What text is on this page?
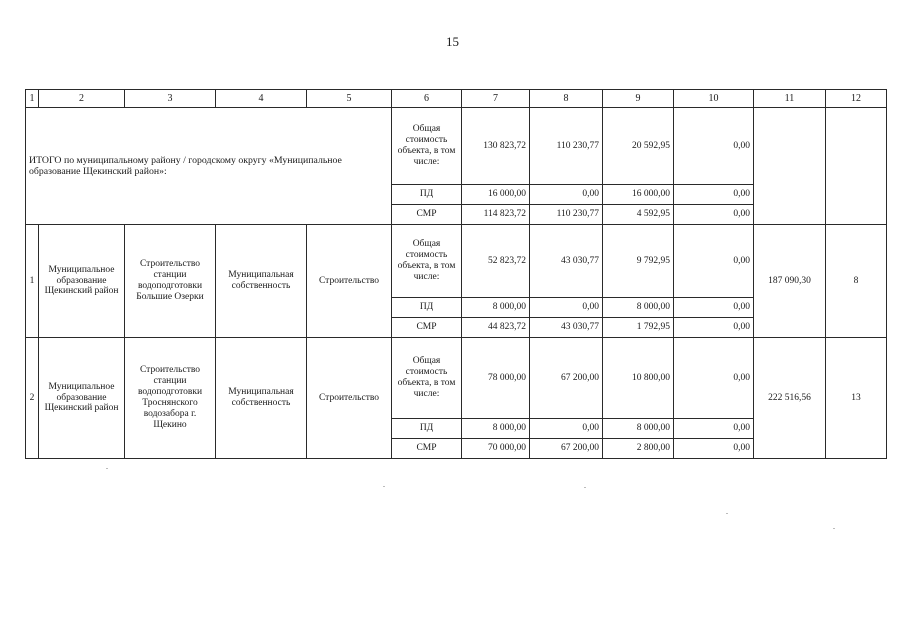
15
1	2	3	4	5	6	7	8	9	10	11	12
ИТОГО по муниципальному району / городскому округу «Муниципальное образование Щекинский район»:					Общая стоимость объекта, в том числе:	130 823,72	110 230,77	20 592,95	0,00		
					ПД	16 000,00	0,00	16 000,00	0,00		
					СМР	114 823,72	110 230,77	4 592,95	0,00		
1	Муниципальное образование Щекинский район	Строительство станции водоподготовки Большие Озерки	Муниципальная собственность	Строительство	Общая стоимость объекта, в том числе:	52 823,72	43 030,77	9 792,95	0,00	187 090,30	8
					ПД	8 000,00	0,00	8 000,00	0,00		
					СМР	44 823,72	43 030,77	1 792,95	0,00		
2	Муниципальное образование Щекинский район	Строительство станции водоподготовки Троснянского водозабора г. Щекино	Муниципальная собственность	Строительство	Общая стоимость объекта, в том числе:	78 000,00	67 200,00	10 800,00	0,00	222 516,56	13
					ПД	8 000,00	0,00	8 000,00	0,00		
					СМР	70 000,00	67 200,00	2 800,00	0,00		
